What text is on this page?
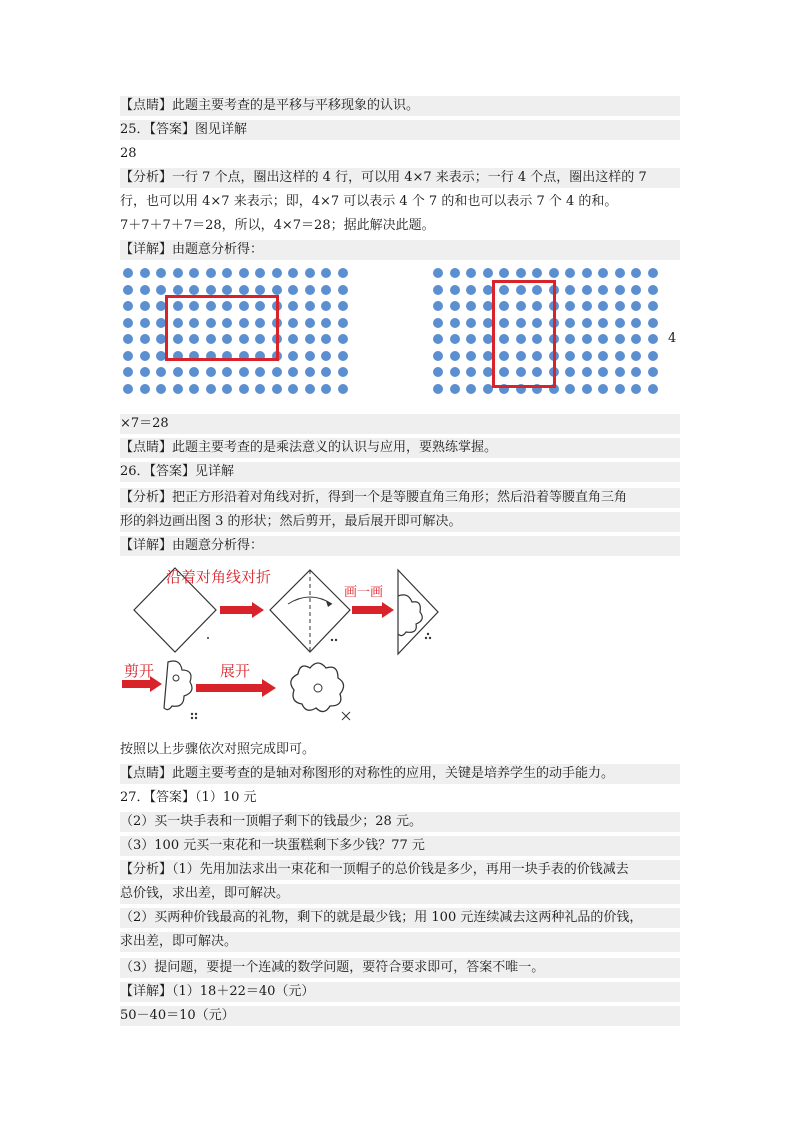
【点睛】此题主要考查的是平移与平移现象的认识。
25．【答案】图见详解
28
【分析】一行 7 个点，圈出这样的 4 行，可以用 4×7 来表示；一行 4 个点，圈出这样的 7
行，也可以用 4×7 来表示；即，4×7 可以表示 4 个 7 的和也可以表示 7 个 4 的和。
7＋7＋7＋7＝28，所以，4×7＝28；据此解决此题。
【详解】由题意分析得：
4
×7＝28
【点睛】此题主要考查的是乘法意义的认识与应用，要熟练掌握。
26．【答案】见详解
【分析】把正方形沿着对角线对折，得到一个是等腰直角三角形；然后沿着等腰直角三角
形的斜边画出图 3 的形状；然后剪开，最后展开即可解决。
【详解】由题意分析得：
沿着对角线对折
画一画
剪开	展开
按照以上步骤依次对照完成即可。
【点睛】此题主要考查的是轴对称图形的对称性的应用，关键是培养学生的动手能力。
27．【答案】（1）10 元
（2）买一块手表和一顶帽子剩下的钱最少；28 元。
（3）100 元买一束花和一块蛋糕剩下多少钱？77 元
【分析】（1）先用加法求出一束花和一顶帽子的总价钱是多少，再用一块手表的价钱减去
总价钱，求出差，即可解决。
（2）买两种价钱最高的礼物，剩下的就是最少钱；用 100 元连续减去这两种礼品的价钱，
求出差，即可解决。
（3）提问题，要提一个连减的数学问题，要符合要求即可，答案不唯一。
【详解】（1）18＋22＝40（元）
50－40＝10（元）
